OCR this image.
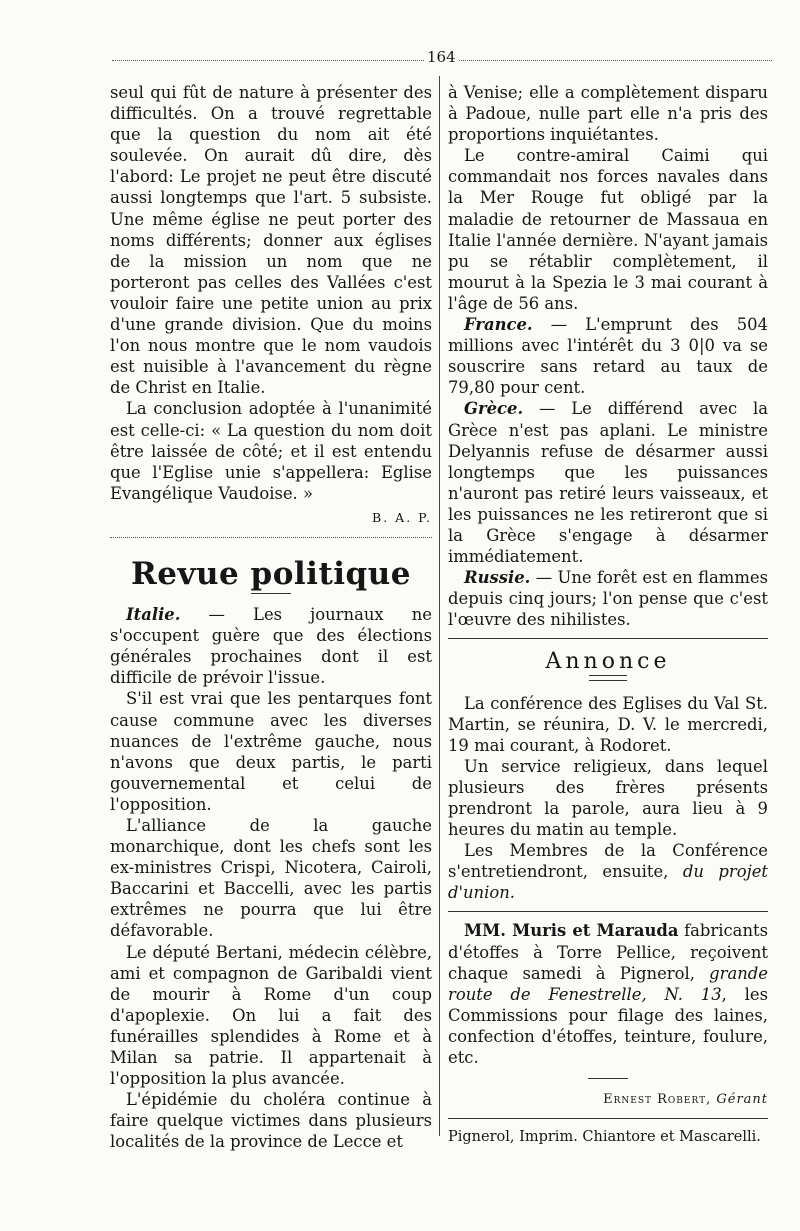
164

seul qui fût de nature à présenter des difficultés. On a trouvé regrettable que la question du nom ait été soulevée. On aurait dû dire, dès l'abord: Le projet ne peut être discuté aussi longtemps que l'art. 5 subsiste. Une même église ne peut porter des noms différents; donner aux églises de la mission un nom que ne porteront pas celles des Vallées c'est vouloir faire une petite union au prix d'une grande division. Que du moins l'on nous montre que le nom vaudois est nuisible à l'avancement du règne de Christ en Italie.

La conclusion adoptée à l'unanimité est celle-ci: « La question du nom doit être laissée de côté; et il est entendu que l'Eglise unie s'appellera: Eglise Evangélique Vaudoise. »

B. A. P.
Revue politique

Italie. — Les journaux ne s'occupent guère que des élections générales prochaines dont il est difficile de prévoir l'issue.

S'il est vrai que les pentarques font cause commune avec les diverses nuances de l'extrême gauche, nous n'avons que deux partis, le parti gouvernemental et celui de l'opposition.

L'alliance de la gauche monarchique, dont les chefs sont les ex-ministres Crispi, Nicotera, Cairoli, Baccarini et Baccelli, avec les partis extrêmes ne pourra que lui être défavorable.

Le député Bertani, médecin célèbre, ami et compagnon de Garibaldi vient de mourir à Rome d'un coup d'apoplexie. On lui a fait des funérailles splendides à Rome et à Milan sa patrie. Il appartenait à l'opposition la plus avancée.

L'épidémie du choléra continue à faire quelque victimes dans plusieurs localités de la province de Lecce et

à Venise; elle a complètement disparu à Padoue, nulle part elle n'a pris des proportions inquiétantes.

Le contre-amiral Caimi qui commandait nos forces navales dans la Mer Rouge fut obligé par la maladie de retourner de Massaua en Italie l'année dernière. N'ayant jamais pu se rétablir complètement, il mourut à la Spezia le 3 mai courant à l'âge de 56 ans.

France. — L'emprunt des 504 millions avec l'intérêt du 3 0|0 va se souscrire sans retard au taux de 79,80 pour cent.

Grèce. — Le différend avec la Grèce n'est pas aplani. Le ministre Delyannis refuse de désarmer aussi longtemps que les puissances n'auront pas retiré leurs vaisseaux, et les puissances ne les retireront que si la Grèce s'engage à désarmer immédiatement.

Russie. — Une forêt est en flammes depuis cinq jours; l'on pense que c'est l'œuvre des nihilistes.

Annonce

La conférence des Eglises du Val St. Martin, se réunira, D. V. le mercredi, 19 mai courant, à Rodoret.

Un service religieux, dans lequel plusieurs des frères présents prendront la parole, aura lieu à 9 heures du matin au temple.

Les Membres de la Conférence s'entretiendront, ensuite, du projet d'union.

MM. Muris et Marauda fabricants d'étoffes à Torre Pellice, reçoivent chaque samedi à Pignerol, grande route de Fenestrelle, N. 13, les Commissions pour filage des laines, confection d'étoffes, teinture, foulure, etc.

Ernest Robert, Gérant

Pignerol, Imprim. Chiantore et Mascarelli.
